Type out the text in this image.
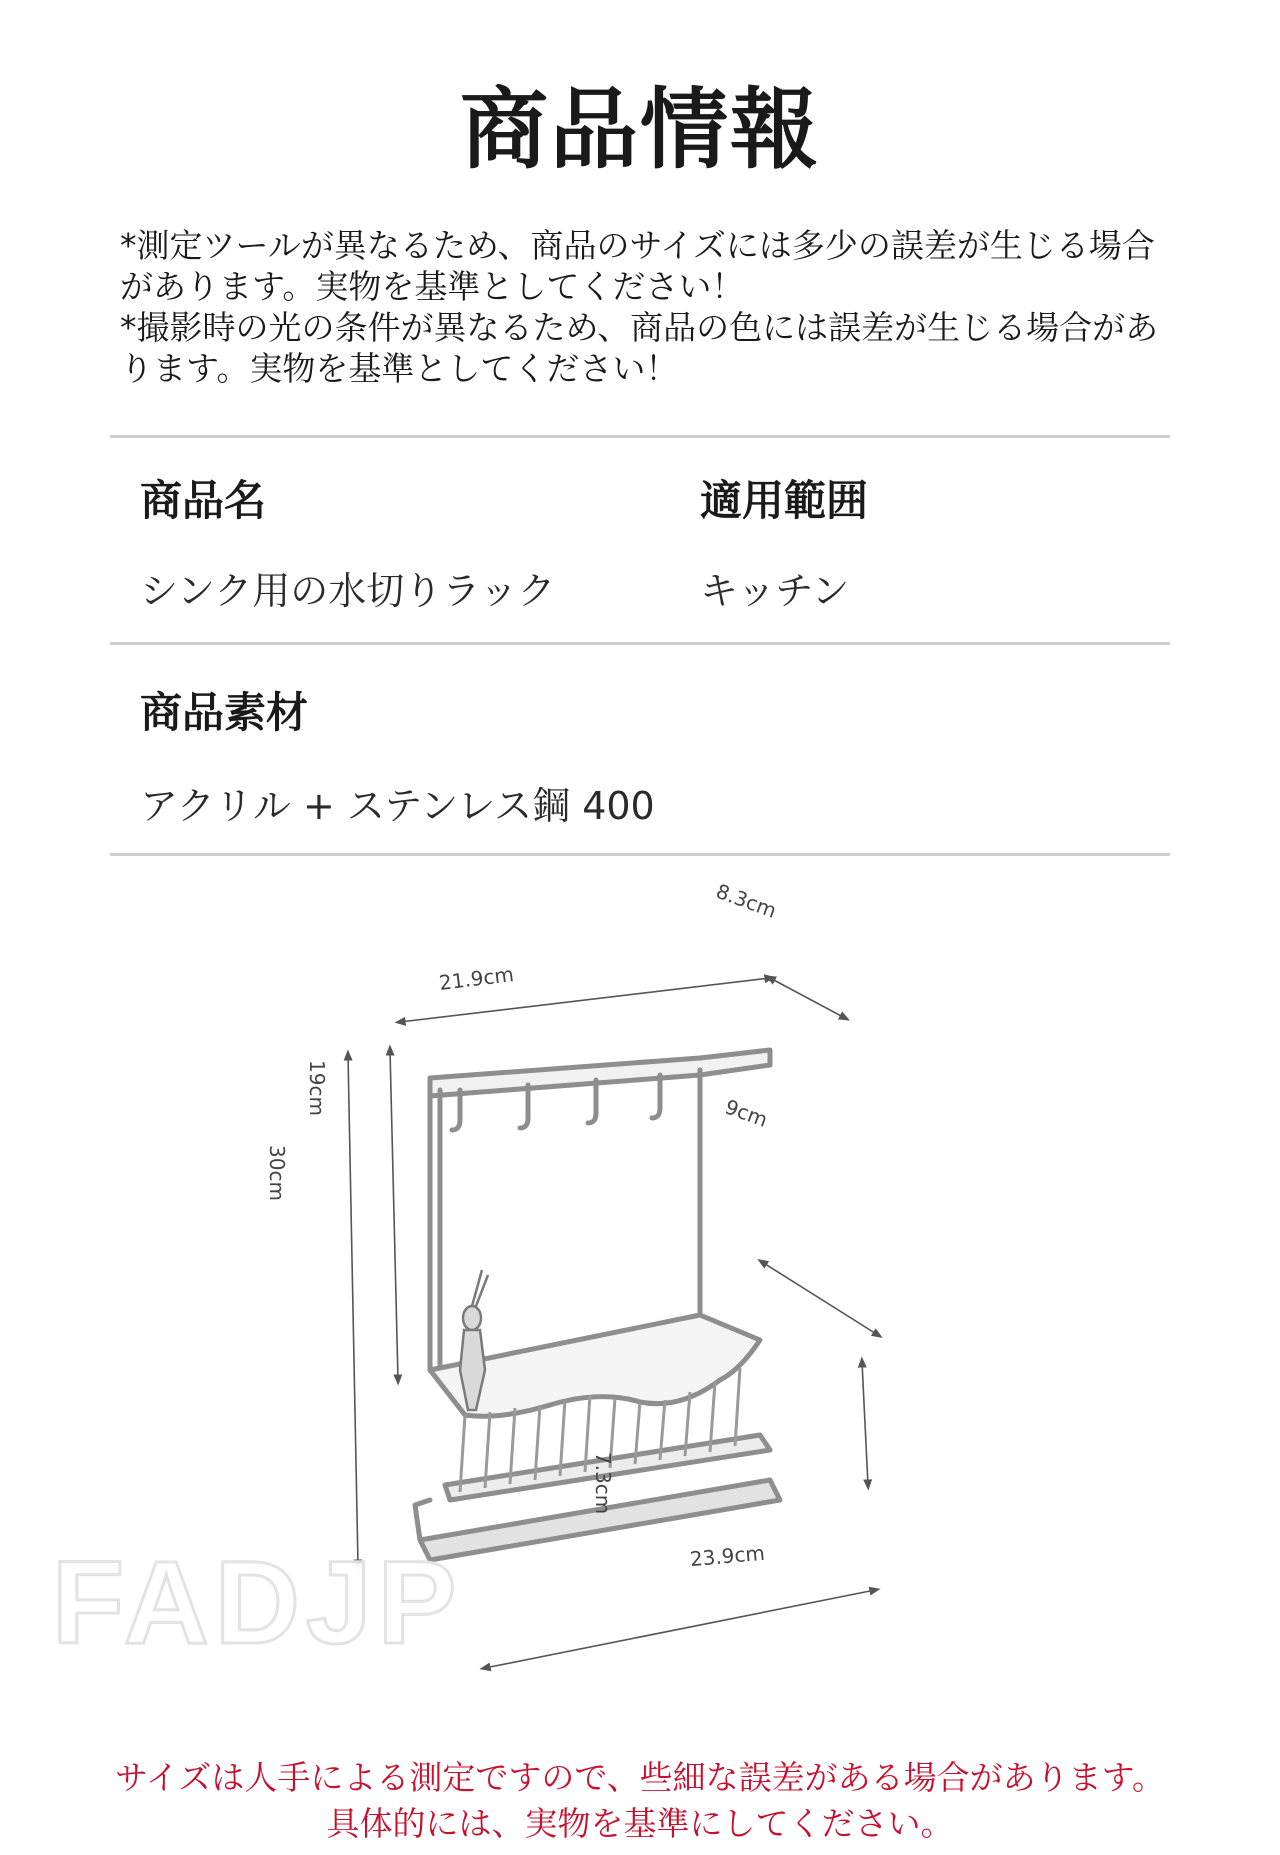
商品情報

*測定ツールが異なるため、商品のサイズには多少の誤差が生じる場合があります。実物を基準としてください！

*撮影時の光の条件が異なるため、商品の色には誤差が生じる場合があります。実物を基準としてください！

商品名	適用範囲
シンク用の水切りラック	キッチン
商品素材
アクリル + ステンレス鋼 400
21.9cm
8.3cm
19cm
30cm
9cm
7.3cm
23.9cm
FADJP

サイズは人手による測定ですので、些細な誤差がある場合があります。

具体的には、実物を基準にしてください。
